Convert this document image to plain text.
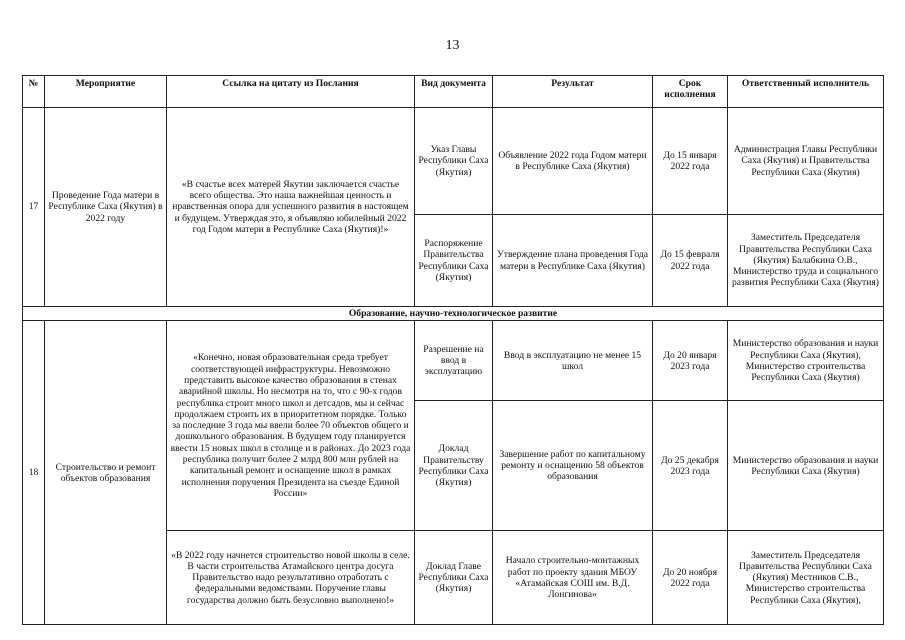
13
№	Мероприятие	Ссылка на цитату из Послания	Вид документа	Результат	Срок исполнения	Ответственный исполнитель
17	Проведение Года матери в Республике Саха (Якутия) в 2022 году	«В счастье всех матерей Якутии заключается счастье всего общества. Это наша важнейшая ценность и нравственная опора для успешного развития в настоящем и будущем. Утверждая это, я объявляю юбилейный 2022 год Годом матери в Республике Саха (Якутия)!»	Указ Главы Республики Саха (Якутия)	Объявление 2022 года Годом матери в Республике Саха (Якутия)	До 15 января 2022 года	Администрация Главы Республики Саха (Якутия) и Правительства Республики Саха (Якутия)
			Распоряжение Правительства Республики Саха (Якутия)	Утверждение плана проведения Года матери в Республике Саха (Якутия)	До 15 февраля 2022 года	Заместитель Председателя Правительства Республики Саха (Якутия) Балабкина О.В., Министерство труда и социального развития Республики Саха (Якутия)
Образование, научно-технологическое развитие						
18	Строительство и ремонт объектов образования	«Конечно, новая образовательная среда требует соответствующей инфраструктуры. Невозможно представить высокое качество образования в стенах аварийной школы. Но несмотря на то, что с 90-х годов республика строит много школ и детсадов, мы и сейчас продолжаем строить их в приоритетном порядке. Только за последние 3 года мы ввели более 70 объектов общего и дошкольного образования. В будущем году планируется ввести 15 новых школ в столице и в районах. До 2023 года республика получит более 2 млрд 800 млн рублей на капитальный ремонт и оснащение школ в рамках исполнения поручения Президента на съезде Единой России»	Разрешение на ввод в эксплуатацию	Ввод в эксплуатацию не менее 15 школ	До 20 января 2023 года	Министерство образования и науки Республики Саха (Якутия), Министерство строительства Республики Саха (Якутия)
			Доклад Правительству Республики Саха (Якутия)	Завершение работ по капитальному ремонту и оснащению 58 объектов образования	До 25 декабря 2023 года	Министерство образования и науки Республики Саха (Якутия)
		«В 2022 году начнется строительство новой школы в селе. В части строительства Атамайского центра досуга Правительство надо результативно отработать с федеральными ведомствами. Поручение главы государства должно быть безусловно выполнено!»	Доклад Главе Республики Саха (Якутия)	Начало строительно-монтажных работ по проекту здания МБОУ «Атамайская СОШ им. В.Д. Лонгинова»	До 20 ноября 2022 года	Заместитель Председателя Правительства Республики Саха (Якутия) Местников С.В., Министерство строительства Республики Саха (Якутия),
